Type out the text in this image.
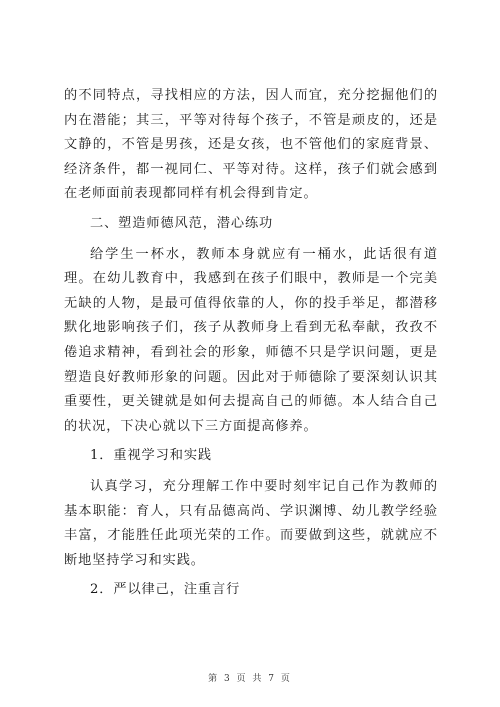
的不同特点，寻找相应的方法，因人而宜，充分挖掘他们的内在潜能；其三，平等对待每个孩子，不管是顽皮的，还是文静的，不管是男孩，还是女孩，也不管他们的家庭背景、经济条件，都一视同仁、平等对待。这样，孩子们就会感到在老师面前表现都同样有机会得到肯定。

二、塑造师德风范，潜心练功

给学生一杯水，教师本身就应有一桶水，此话很有道理。在幼儿教育中，我感到在孩子们眼中，教师是一个完美无缺的人物，是最可值得依靠的人，你的投手举足，都潜移默化地影响孩子们，孩子从教师身上看到无私奉献，孜孜不倦追求精神，看到社会的形象，师德不只是学识问题，更是塑造良好教师形象的问题。因此对于师德除了要深刻认识其重要性，更关键就是如何去提高自己的师德。本人结合自己的状况，下决心就以下三方面提高修养。

1．重视学习和实践

认真学习，充分理解工作中要时刻牢记自己作为教师的基本职能：育人，只有品德高尚、学识渊博、幼儿教学经验丰富，才能胜任此项光荣的工作。而要做到这些，就就应不断地坚持学习和实践。

2．严以律己，注重言行

第 3 页 共 7 页
